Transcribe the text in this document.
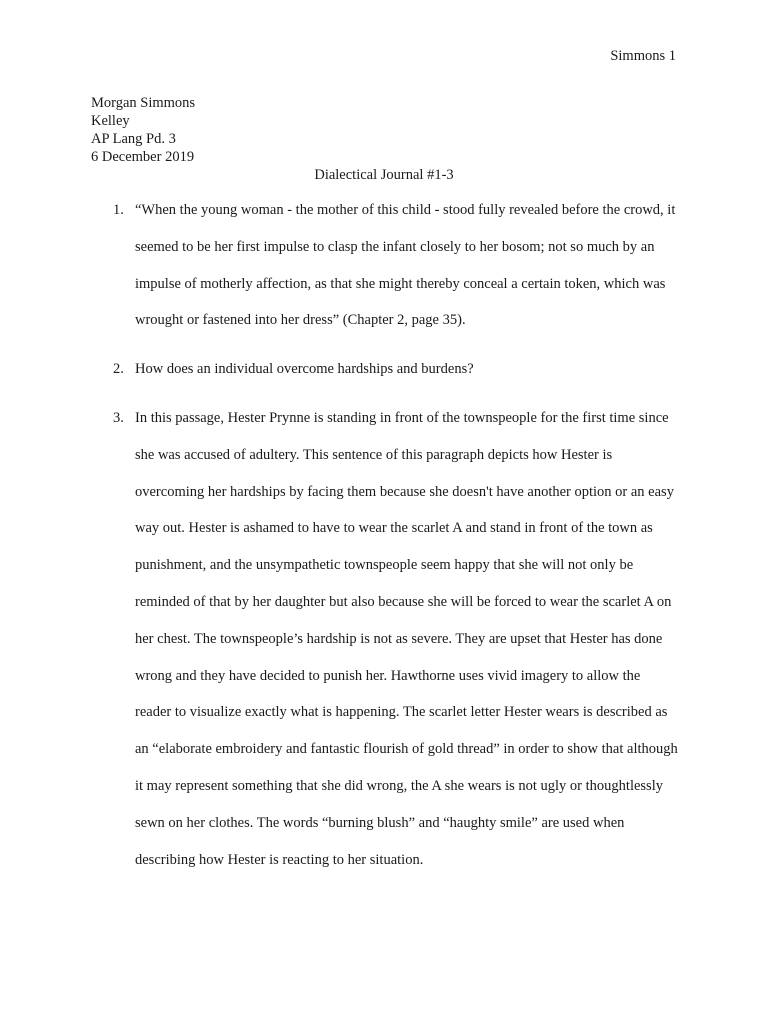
Simmons 1

Morgan Simmons
Kelley
AP Lang Pd. 3
6 December 2019

Dialectical Journal #1-3

1. “When the young woman - the mother of this child - stood fully revealed before the crowd, it seemed to be her first impulse to clasp the infant closely to her bosom; not so much by an impulse of motherly affection, as that she might thereby conceal a certain token, which was wrought or fastened into her dress” (Chapter 2, page 35).
2. How does an individual overcome hardships and burdens?
3. In this passage, Hester Prynne is standing in front of the townspeople for the first time since she was accused of adultery. This sentence of this paragraph depicts how Hester is overcoming her hardships by facing them because she doesn't have another option or an easy way out. Hester is ashamed to have to wear the scarlet A and stand in front of the town as punishment, and the unsympathetic townspeople seem happy that she will not only be reminded of that by her daughter but also because she will be forced to wear the scarlet A on her chest. The townspeople’s hardship is not as severe. They are upset that Hester has done wrong and they have decided to punish her. Hawthorne uses vivid imagery to allow the reader to visualize exactly what is happening. The scarlet letter Hester wears is described as an “elaborate embroidery and fantastic flourish of gold thread” in order to show that although it may represent something that she did wrong, the A she wears is not ugly or thoughtlessly sewn on her clothes. The words “burning blush” and “haughty smile” are used when describing how Hester is reacting to her situation.
